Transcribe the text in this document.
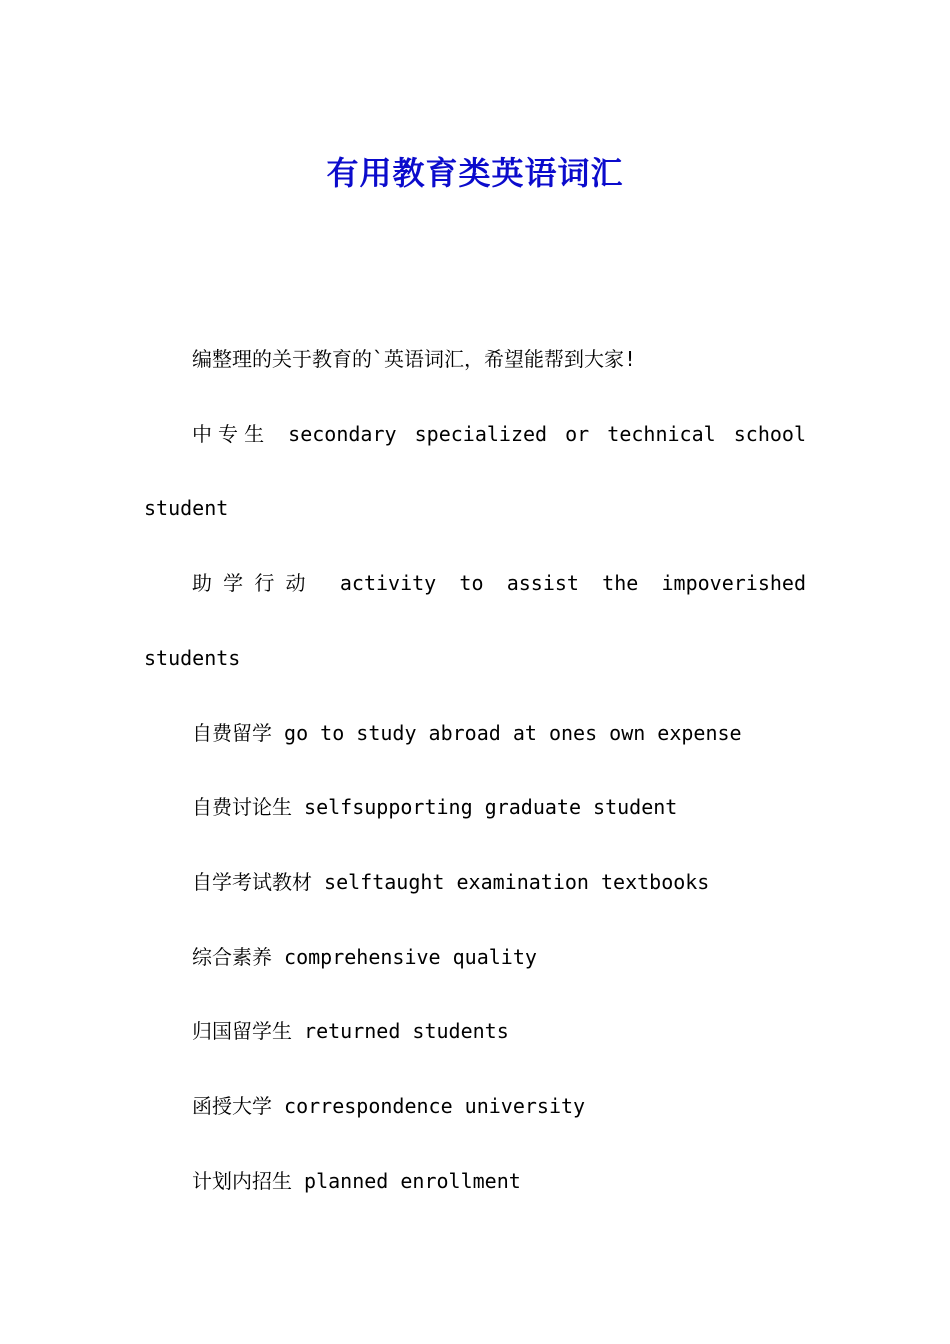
有用教育类英语词汇

编整理的关于教育的`英语词汇，希望能帮到大家!

中专生 secondary specialized or technical school student

助学行动 activity to assist the impoverished students

自费留学 go to study abroad at ones own expense

自费讨论生 selfsupporting graduate student

自学考试教材 selftaught examination textbooks

综合素养 comprehensive quality

归国留学生 returned students

函授大学 correspondence university

计划内招生 planned enrollment
